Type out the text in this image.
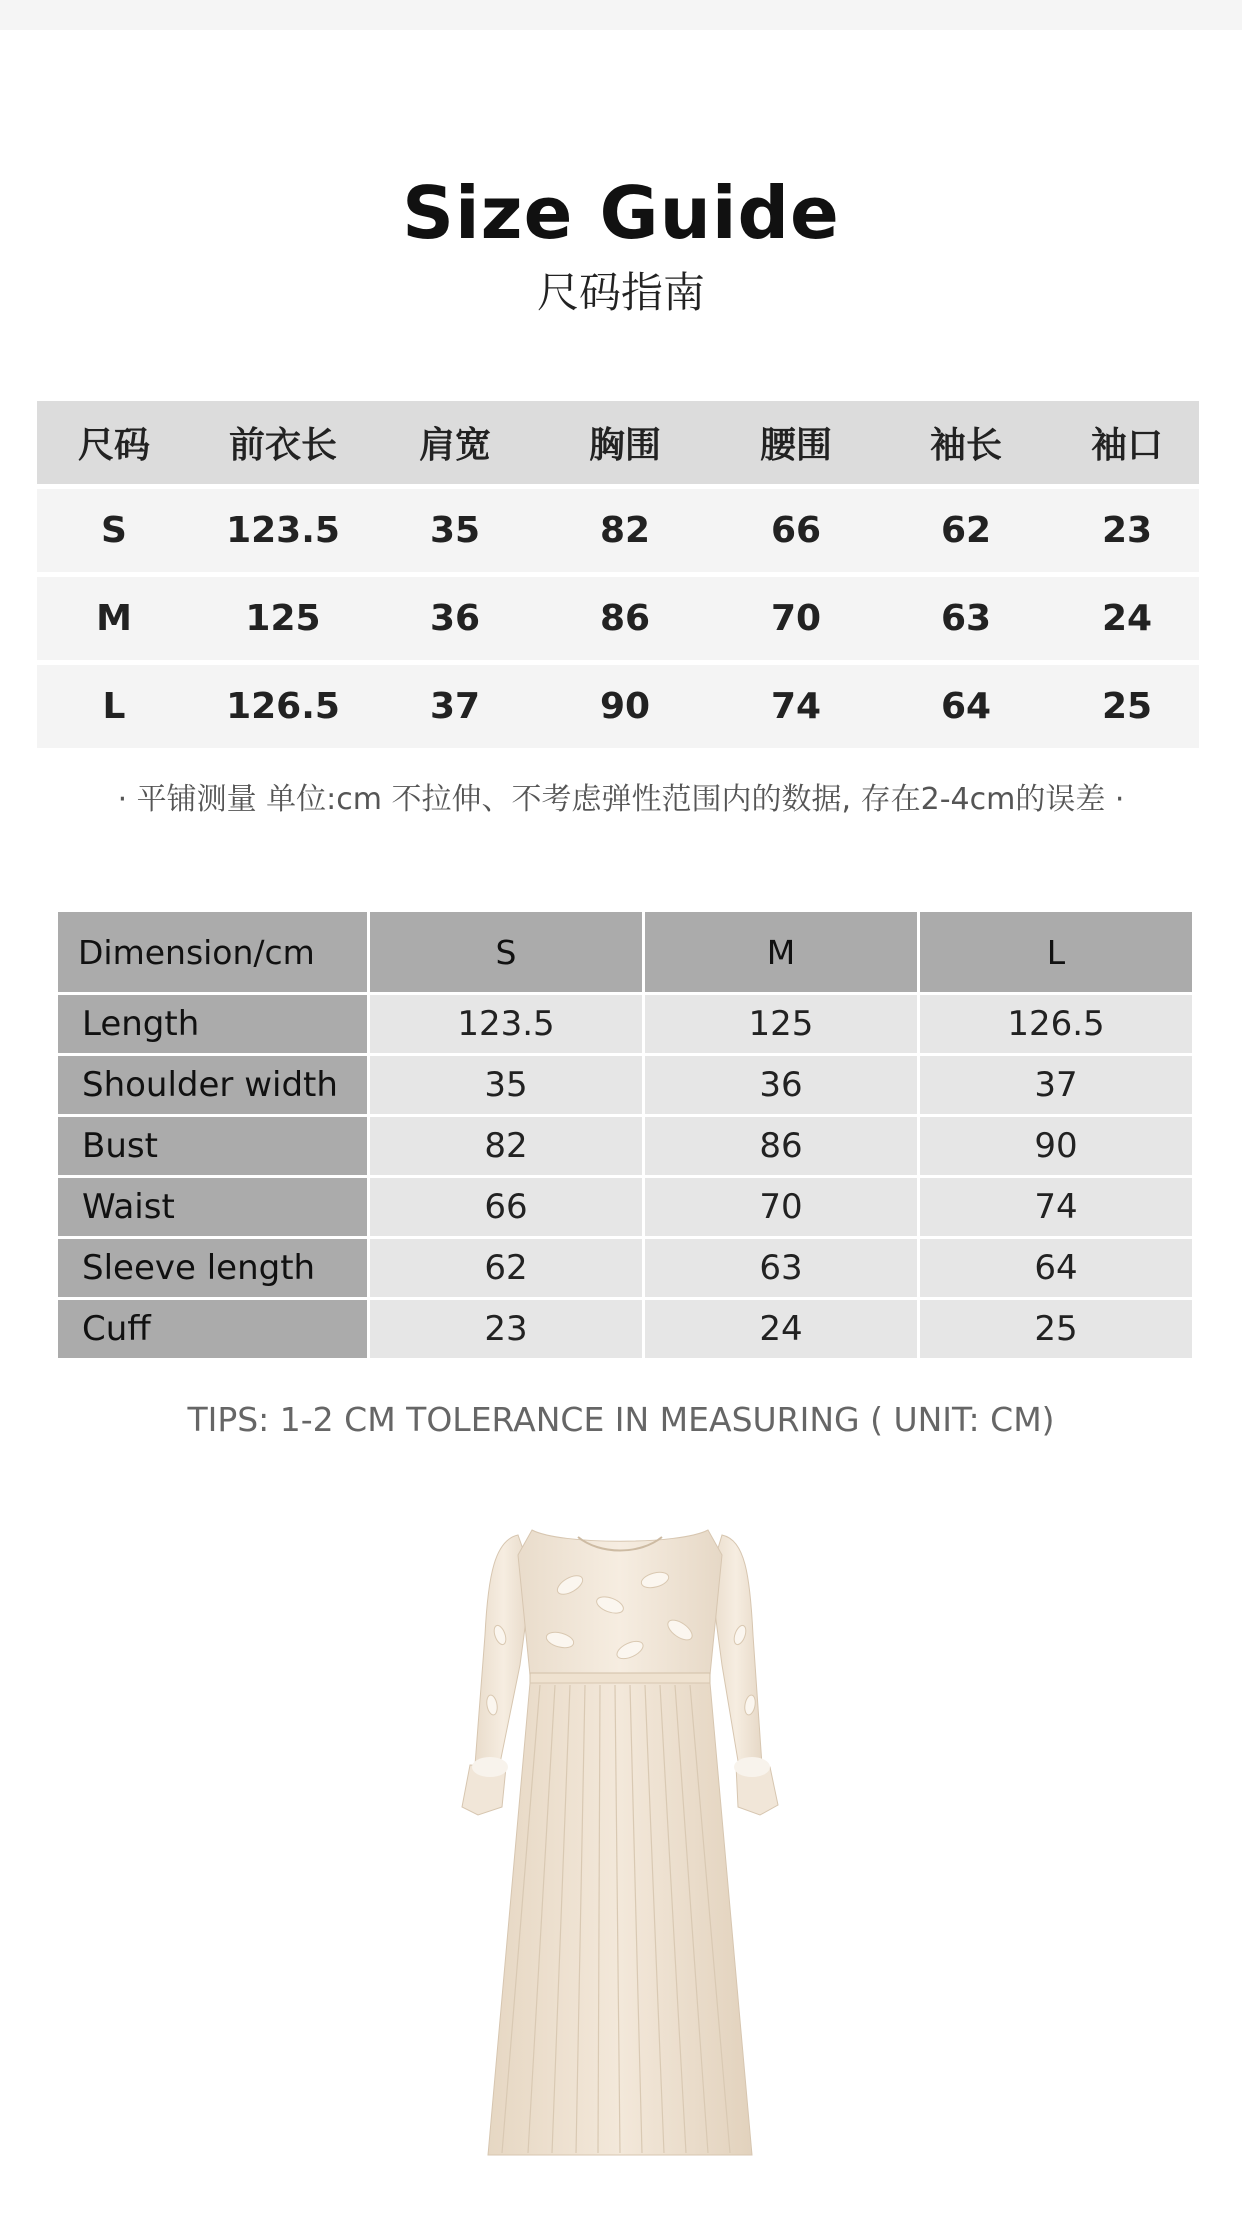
Size Guide
尺码指南
尺码	前衣长	肩宽	胸围	腰围	袖长	袖口
S	123.5	35	82	66	62	23
M	125	36	86	70	63	24
L	126.5	37	90	74	64	25
· 平铺测量 单位:cm 不拉伸、不考虑弹性范围内的数据, 存在2-4cm的误差 ·
Dimension/cm	S	M	L
Length	123.5	125	126.5
Shoulder width	35	36	37
Bust	82	86	90
Waist	66	70	74
Sleeve length	62	63	64
Cuff	23	24	25
TIPS: 1-2 CM TOLERANCE IN MEASURING ( UNIT: CM)
